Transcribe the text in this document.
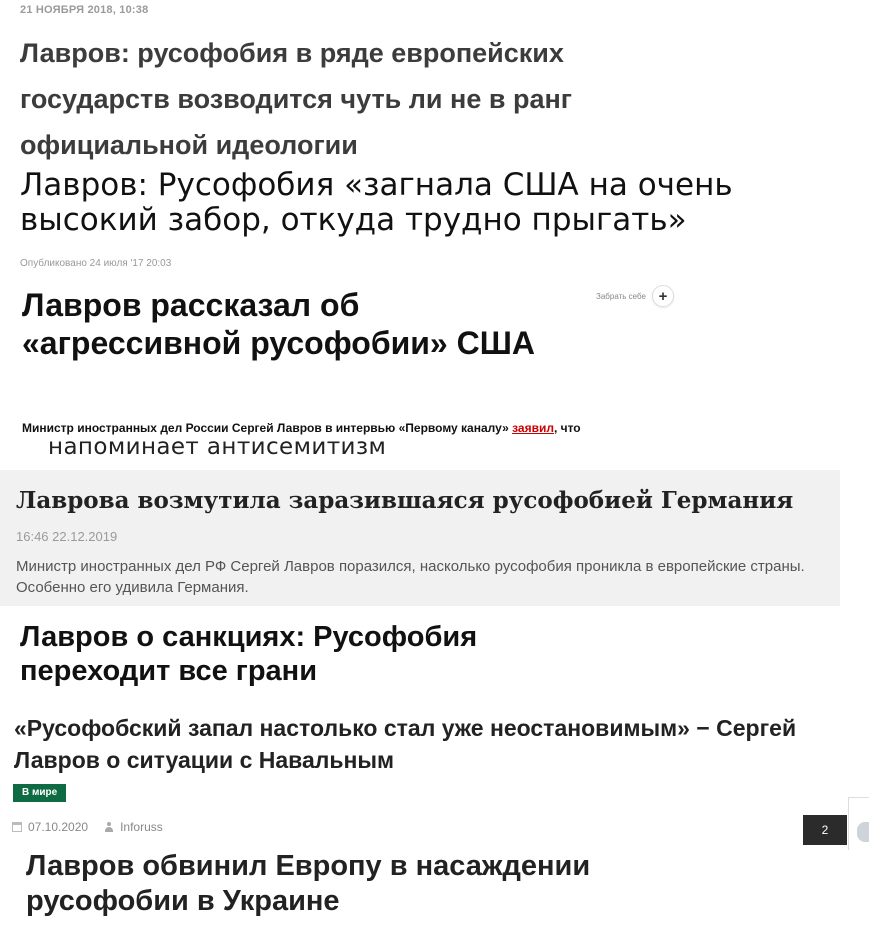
21 НОЯБРЯ 2018, 10:38
Лавров: русофобия в ряде европейских государств возводится чуть ли не в ранг официальной идеологии
Лавров: Русофобия «загнала США на очень высокий забор, откуда трудно прыгать»
Опубликовано 24 июля '17 20:03
Лавров рассказал об «агрессивной русофобии» США
Забрать себе +
Министр иностранных дел России Сергей Лавров в интервью «Первому каналу» заявил, что
напоминает антисемитизм
Лаврова возмутила заразившаяся русофобией Германия
16:46 22.12.2019
Министр иностранных дел РФ Сергей Лавров поразился, насколько русофобия проникла в европейские страны. Особенно его удивила Германия.
Лавров о санкциях: Русофобия переходит все грани
«Русофобский запал настолько стал уже неостановимым» − Сергей Лавров о ситуации с Навальным
В мире
07.10.2020	Inforuss	2
Лавров обвинил Европу в насаждении русофобии в Украине
